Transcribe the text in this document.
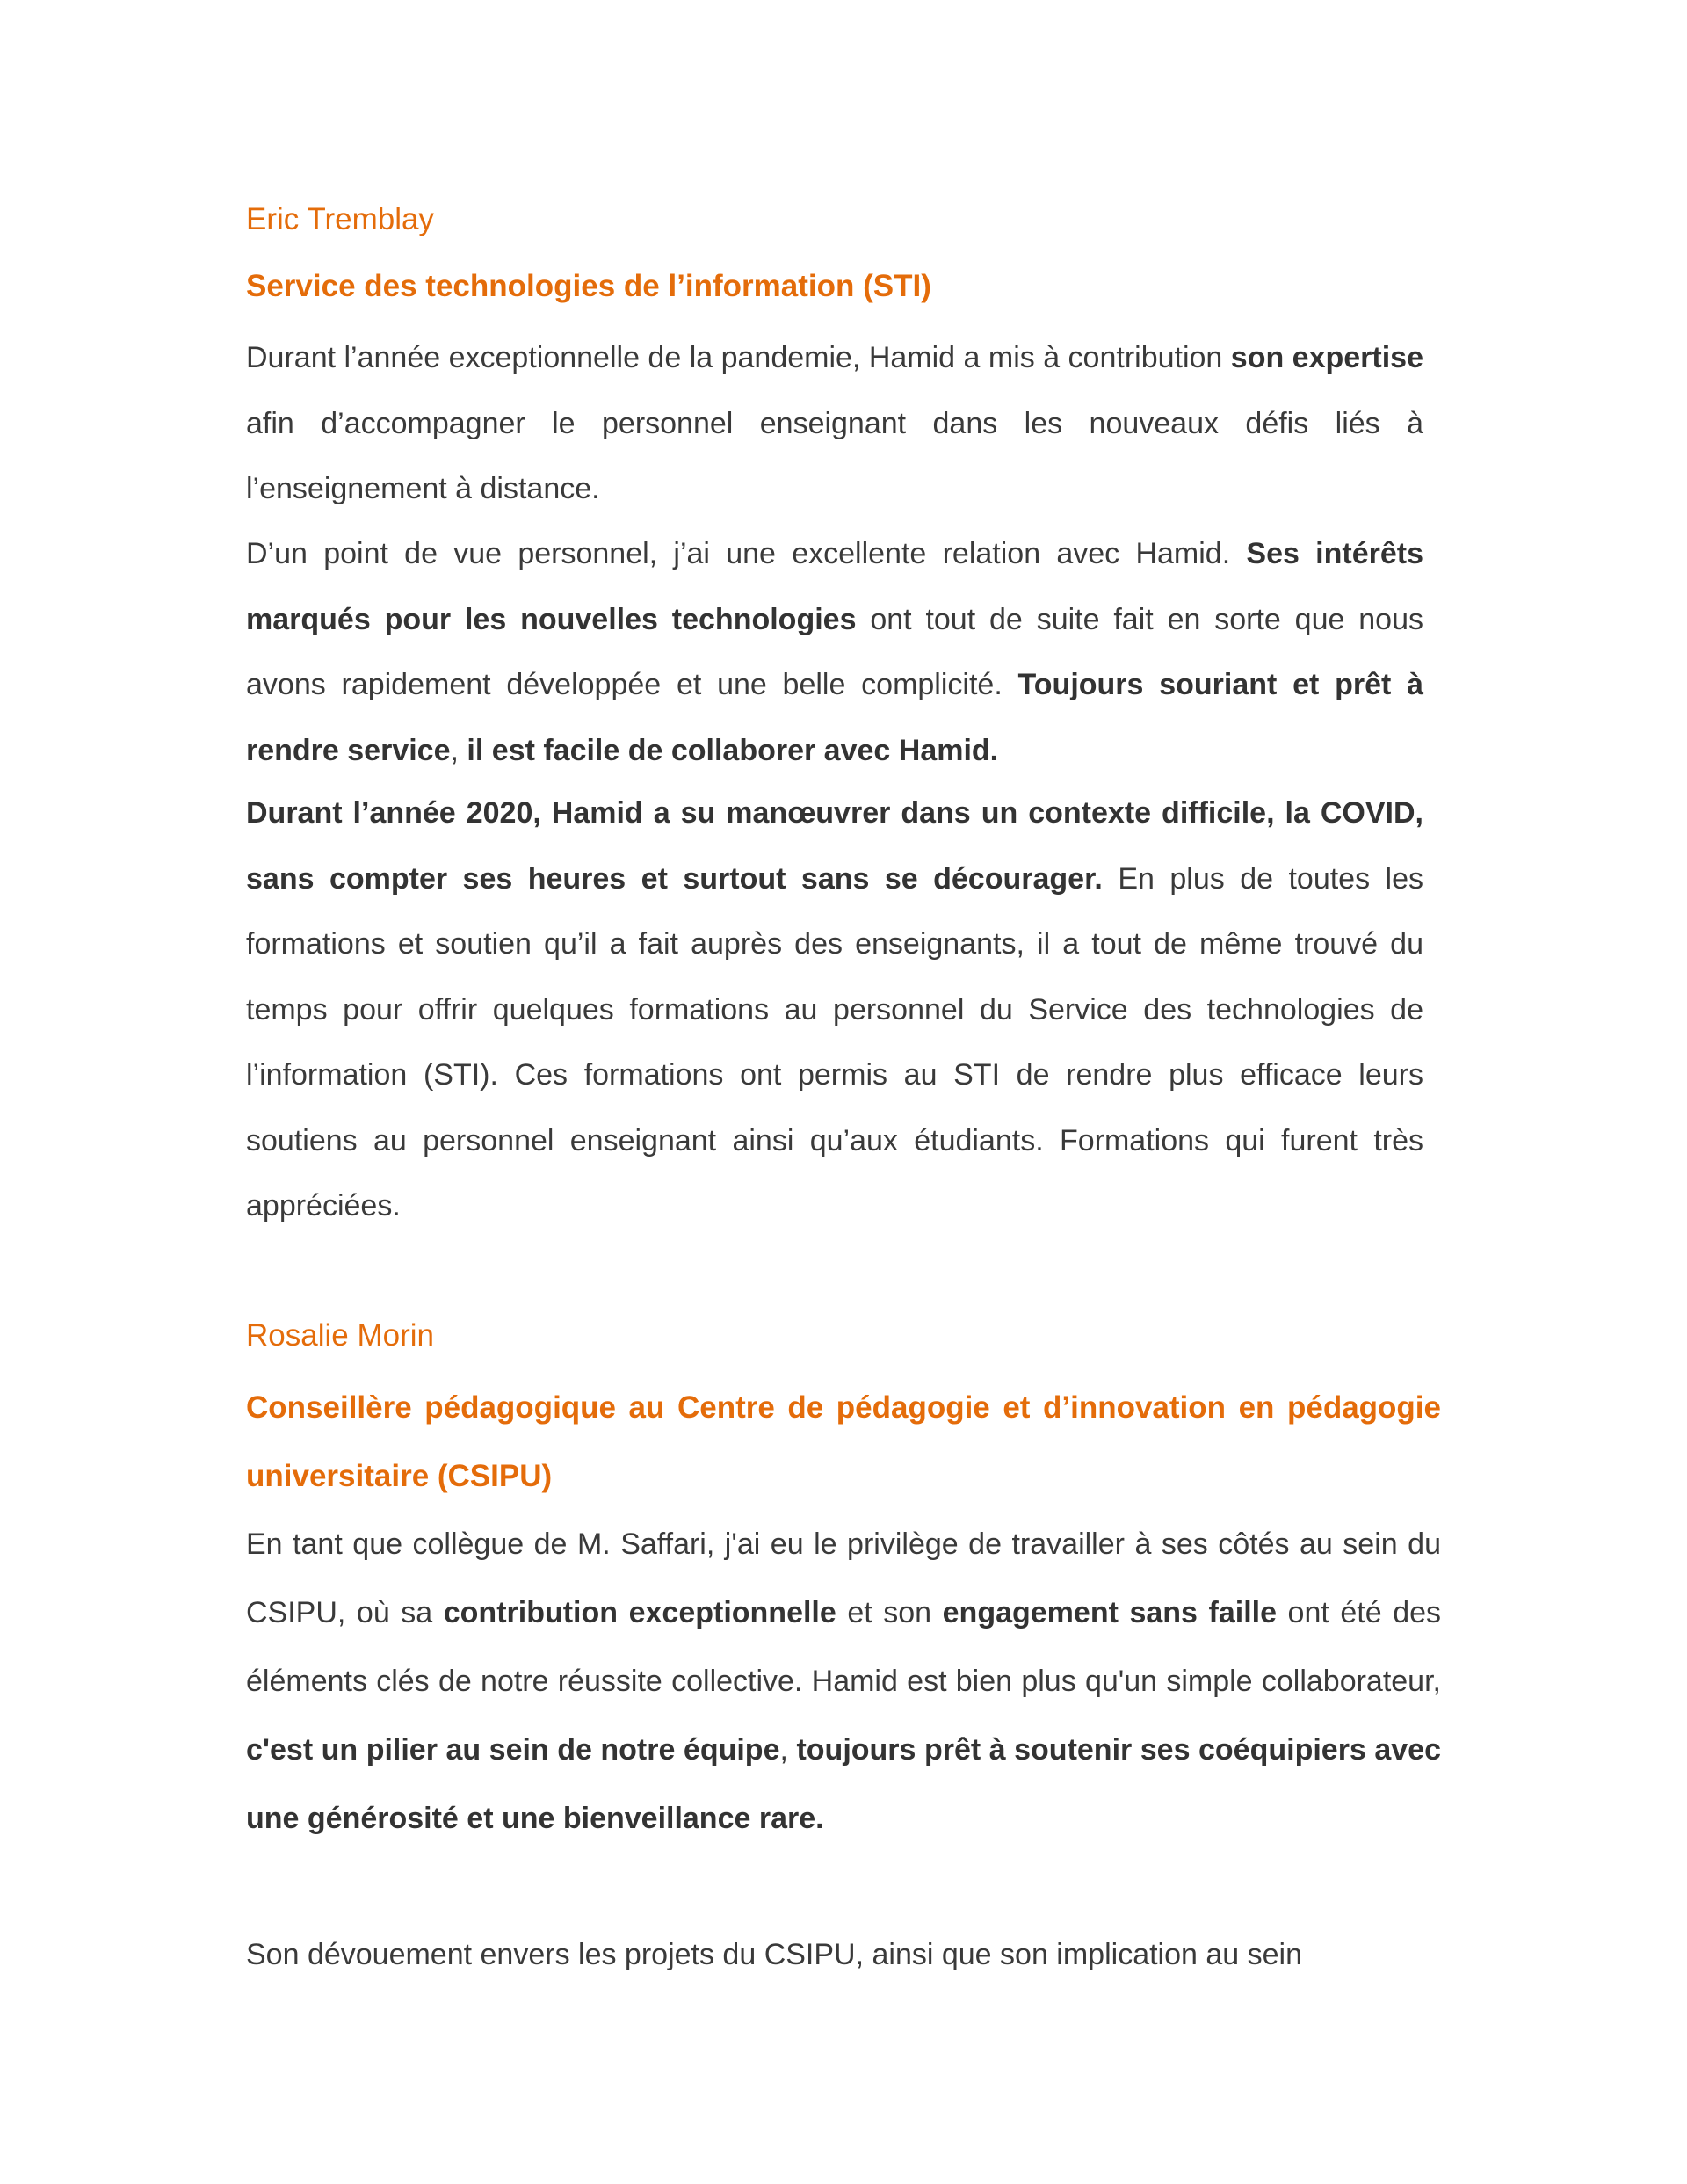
Eric Tremblay
Service des technologies de l’information (STI)

Durant l’année exceptionnelle de la pandemie, Hamid a mis à contribution son expertise afin d’accompagner le personnel enseignant dans les nouveaux défis liés à l’enseignement à distance.

D’un point de vue personnel, j’ai une excellente relation avec Hamid. Ses intérêts marqués pour les nouvelles technologies ont tout de suite fait en sorte que nous avons rapidement développée et une belle complicité. Toujours souriant et prêt à rendre service, il est facile de collaborer avec Hamid.

Durant l’année 2020, Hamid a su manœuvrer dans un contexte difficile, la COVID, sans compter ses heures et surtout sans se décourager. En plus de toutes les formations et soutien qu’il a fait auprès des enseignants, il a tout de même trouvé du temps pour offrir quelques formations au personnel du Service des technologies de l’information (STI). Ces formations ont permis au STI de rendre plus efficace leurs soutiens au personnel enseignant ainsi qu’aux étudiants. Formations qui furent très appréciées.

Rosalie Morin
Conseillère pédagogique au Centre de pédagogie et d’innovation en pédagogie universitaire (CSIPU)

En tant que collègue de M. Saffari, j'ai eu le privilège de travailler à ses côtés au sein du CSIPU, où sa contribution exceptionnelle et son engagement sans faille ont été des éléments clés de notre réussite collective. Hamid est bien plus qu'un simple collaborateur, c'est un pilier au sein de notre équipe, toujours prêt à soutenir ses coéquipiers avec une générosité et une bienveillance rare.

Son dévouement envers les projets du CSIPU, ainsi que son implication au sein
